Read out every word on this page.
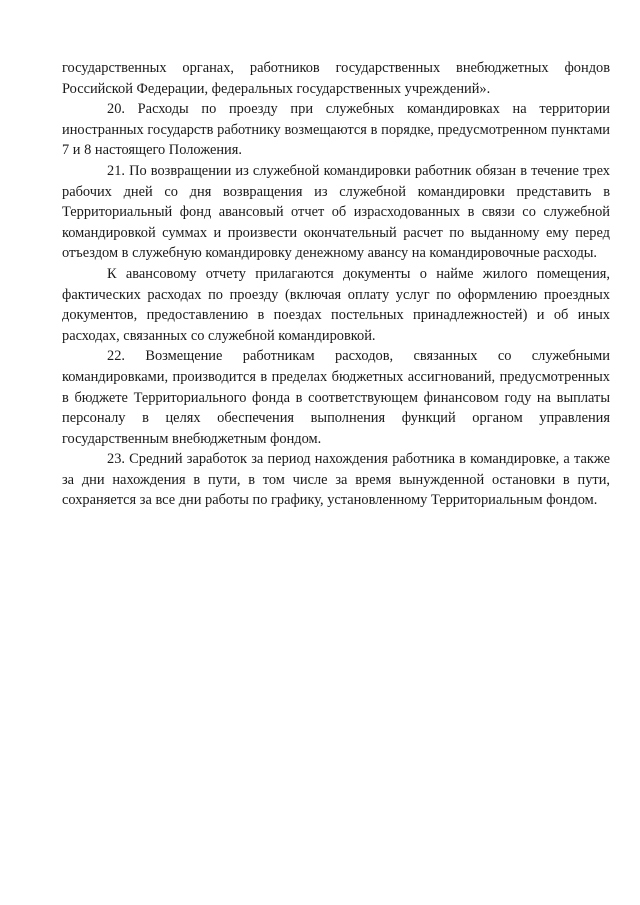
государственных органах, работников государственных внебюджетных фондов Российской Федерации, федеральных государственных учреждений».

20. Расходы по проезду при служебных командировках на территории иностранных государств работнику возмещаются в порядке, предусмотренном пунктами 7 и 8 настоящего Положения.

21. По возвращении из служебной командировки работник обязан в течение трех рабочих дней со дня возвращения из служебной командировки представить в Территориальный фонд авансовый отчет об израсходованных в связи со служебной командировкой суммах и произвести окончательный расчет по выданному ему перед отъездом в служебную командировку денежному авансу на командировочные расходы.

К авансовому отчету прилагаются документы о найме жилого помещения, фактических расходах по проезду (включая оплату услуг по оформлению проездных документов, предоставлению в поездах постельных принадлежностей) и об иных расходах, связанных со служебной командировкой.

22. Возмещение работникам расходов, связанных со служебными командировками, производится в пределах бюджетных ассигнований, предусмотренных в бюджете Территориального фонда в соответствующем финансовом году на выплаты персоналу в целях обеспечения выполнения функций органом управления государственным внебюджетным фондом.

23. Средний заработок за период нахождения работника в командировке, а также за дни нахождения в пути, в том числе за время вынужденной остановки в пути, сохраняется за все дни работы по графику, установленному Территориальным фондом.
